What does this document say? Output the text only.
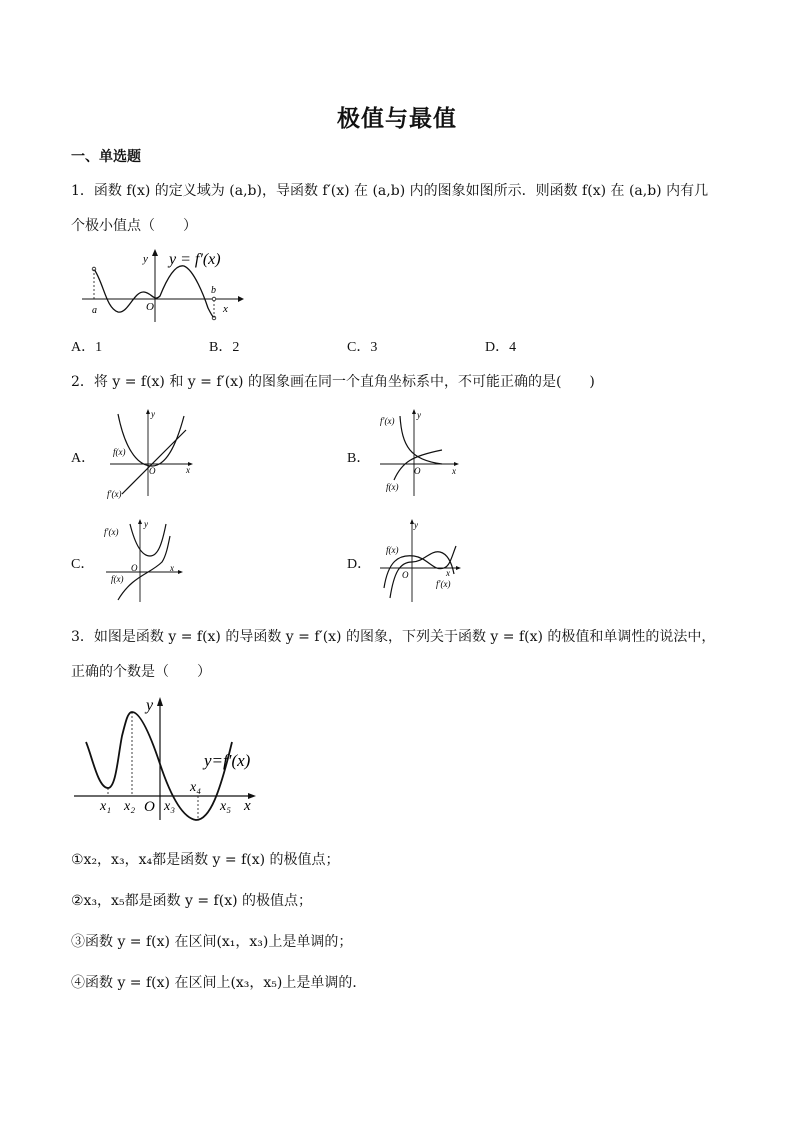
极值与最值
一、单选题
1．函数 f(x) 的定义域为 (a,b)，导函数 f′(x) 在 (a,b) 内的图象如图所示．则函数 f(x) 在 (a,b) 内有几
个极小值点（　　）
a
b
O	x
y y = f′(x)
A．1	B．2	C．3	D．4
2．将 y = f(x) 和 y = f′(x) 的图象画在同一个直角坐标系中，不可能正确的是(　　)
A．
y
x
O
f(x)
f′(x)
B．
y
x
O
f′(x)
f(x)
C．
y
x
O
f′(x)
f(x)
D．
y
x
O
f(x)
f′(x)
3．如图是函数 y = f(x) 的导函数 y = f′(x) 的图象，下列关于函数 y = f(x) 的极值和单调性的说法中，
正确的个数是（　　）
x₁ x₂ O x₃
x₄
x₅ x
y
y=f′(x)
①x₂，x₃，x₄都是函数 y = f(x) 的极值点；
②x₃，x₅都是函数 y = f(x) 的极值点；
③函数 y = f(x) 在区间(x₁，x₃)上是单调的；
④函数 y = f(x) 在区间上(x₃，x₅)上是单调的．
